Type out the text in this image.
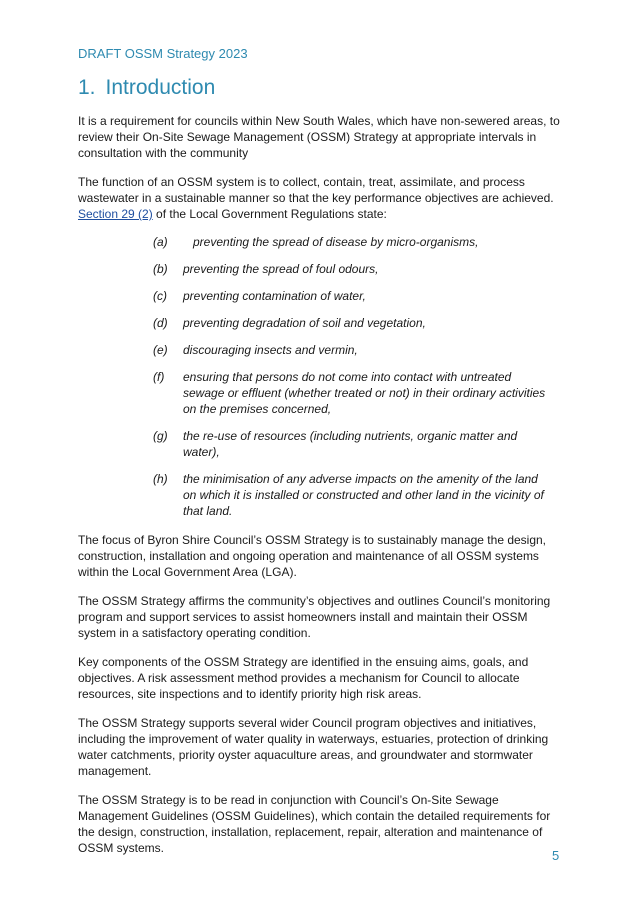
DRAFT OSSM Strategy 2023
1. Introduction

It is a requirement for councils within New South Wales, which have non-sewered areas, to review their On-Site Sewage Management (OSSM) Strategy at appropriate intervals in consultation with the community

The function of an OSSM system is to collect, contain, treat, assimilate, and process wastewater in a sustainable manner so that the key performance objectives are achieved.
Section 29 (2) of the Local Government Regulations state:

(a)	preventing the spread of disease by micro-organisms,
(b)	preventing the spread of foul odours,
(c)	preventing contamination of water,
(d)	preventing degradation of soil and vegetation,
(e)	discouraging insects and vermin,
(f)	ensuring that persons do not come into contact with untreated sewage or effluent (whether treated or not) in their ordinary activities on the premises concerned,
(g)	the re-use of resources (including nutrients, organic matter and water),
(h)	the minimisation of any adverse impacts on the amenity of the land on which it is installed or constructed and other land in the vicinity of that land.

The focus of Byron Shire Council’s OSSM Strategy is to sustainably manage the design, construction, installation and ongoing operation and maintenance of all OSSM systems within the Local Government Area (LGA).

The OSSM Strategy affirms the community’s objectives and outlines Council’s monitoring program and support services to assist homeowners install and maintain their OSSM system in a satisfactory operating condition.

Key components of the OSSM Strategy are identified in the ensuing aims, goals, and objectives. A risk assessment method provides a mechanism for Council to allocate resources, site inspections and to identify priority high risk areas.

The OSSM Strategy supports several wider Council program objectives and initiatives, including the improvement of water quality in waterways, estuaries, protection of drinking water catchments, priority oyster aquaculture areas, and groundwater and stormwater management.

The OSSM Strategy is to be read in conjunction with Council’s On-Site Sewage Management Guidelines (OSSM Guidelines), which contain the detailed requirements for the design, construction, installation, replacement, repair, alteration and maintenance of OSSM systems.	5
